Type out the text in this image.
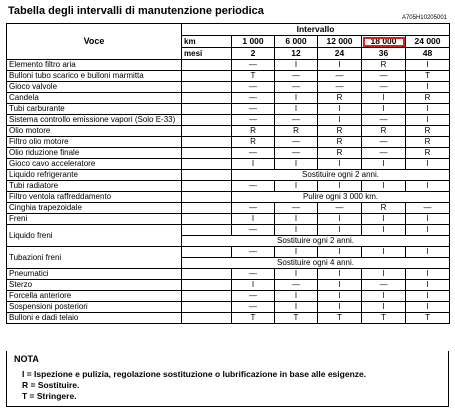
Tabella degli intervalli di manutenzione periodica
A705H10205001
Voce	Intervallo					
	km	1 000	6 000	12 000	18 000	24 000
	mesi	2	12	24	36	48
Elemento filtro aria		—	I	I	R	I
Bulloni tubo scarico e bulloni marmitta		T	—	—	—	T
Gioco valvole		—	—	—	—	I
Candela		—	I	R	I	R
Tubi carburante		—	I	I	I	I
Sistema controllo emissione vapori (Solo E-33)		—	—	I	—	I
Olio motore		R	R	R	R	R
Filtro olio motore		R	—	R	—	R
Olio riduzione finale		—	—	R	—	R
Gioco cavo acceleratore		I	I	I	I	I
Liquido refrigerante		Sostituire ogni 2 anni.				
Tubi radiatore		—	I	I	I	I
Filtro ventola raffreddamento		Pulire ogni 3 000 km.				
Cinghia trapezoidale		—	—	—	R	—
Freni		I	I	I	I	I
Liquido freni		—	I	I	I	I
	Sostituire ogni 2 anni.					
Tubazioni freni		—	I	I	I	I
	Sostituire ogni 4 anni.					
Pneumatici		—	I	I	I	I
Sterzo		I	—	I	—	I
Forcella anteriore		—	I	I	I	I
Sospensioni posteriori		—	I	I	I	I
Bulloni e dadi telaio		T	T	T	T	T
NOTA
I = Ispezione e pulizia, regolazione sostituzione o lubrificazione in base alle esigenze.
R = Sostituire.
T = Stringere.
